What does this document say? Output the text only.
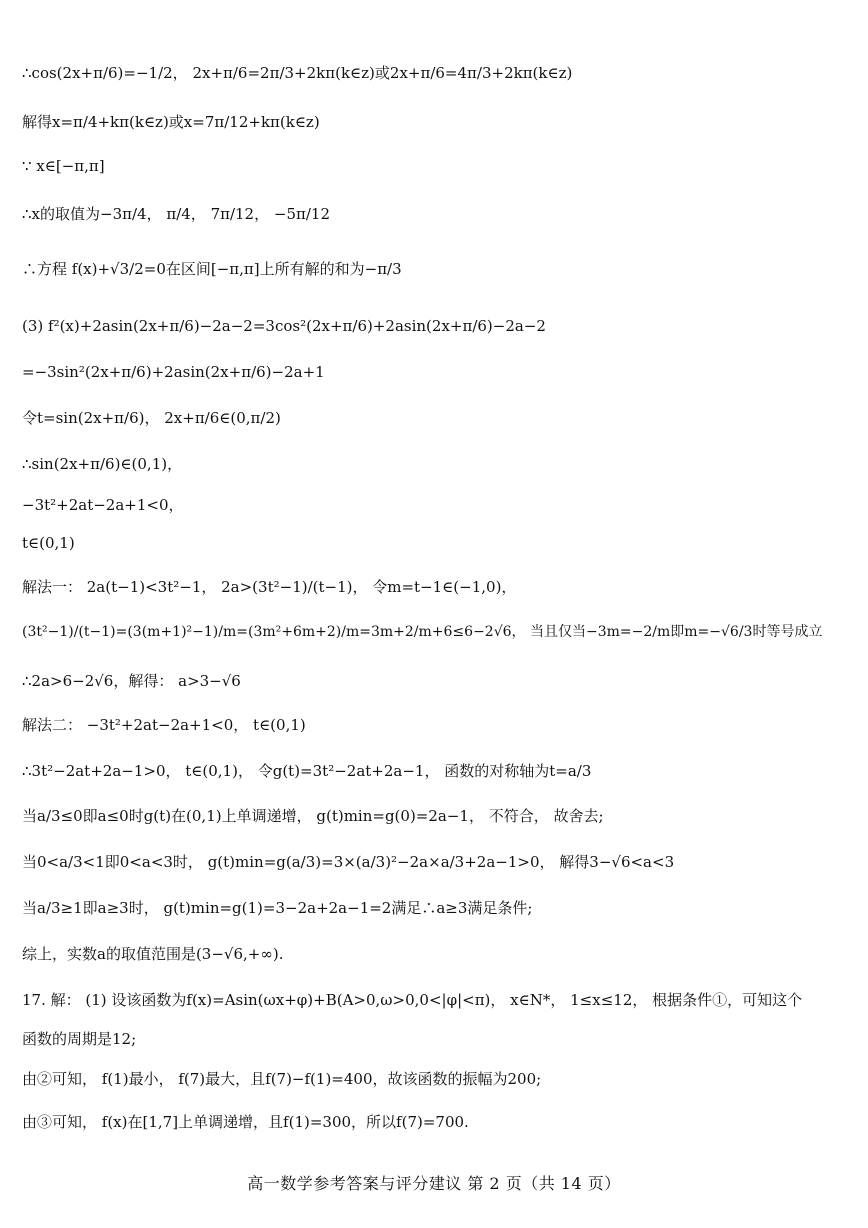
∴cos(2x+π/6)=−1/2， 2x+π/6=2π/3+2kπ(k∈z)或2x+π/6=4π/3+2kπ(k∈z)
解得x=π/4+kπ(k∈z)或x=7π/12+kπ(k∈z)
∵ x∈[−π,π]
∴x的取值为−3π/4， π/4， 7π/12， −5π/12
∴方程 f(x)+√3/2=0在区间[−π,π]上所有解的和为−π/3
(3) f²(x)+2asin(2x+π/6)−2a−2=3cos²(2x+π/6)+2asin(2x+π/6)−2a−2
=−3sin²(2x+π/6)+2asin(2x+π/6)−2a+1
令t=sin(2x+π/6)， 2x+π/6∈(0,π/2)
∴sin(2x+π/6)∈(0,1)，
−3t²+2at−2a+1<0，
t∈(0,1)
解法一： 2a(t−1)<3t²−1， 2a>(3t²−1)/(t−1)， 令m=t−1∈(−1,0)，
(3t²−1)/(t−1)=(3(m+1)²−1)/m=(3m²+6m+2)/m=3m+2/m+6≤6−2√6， 当且仅当−3m=−2/m即m=−√6/3时等号成立
∴2a>6−2√6，解得： a>3−√6
解法二： −3t²+2at−2a+1<0， t∈(0,1)
∴3t²−2at+2a−1>0， t∈(0,1)， 令g(t)=3t²−2at+2a−1， 函数的对称轴为t=a/3
当a/3≤0即a≤0时g(t)在(0,1)上单调递增， g(t)min=g(0)=2a−1， 不符合， 故舍去;
当0<a/3<1即0<a<3时， g(t)min=g(a/3)=3×(a/3)²−2a×a/3+2a−1>0， 解得3−√6<a<3
当a/3≥1即a≥3时， g(t)min=g(1)=3−2a+2a−1=2满足∴a≥3满足条件;
综上，实数a的取值范围是(3−√6,+∞).
17. 解： (1) 设该函数为f(x)=Asin(ωx+φ)+B(A>0,ω>0,0<|φ|<π)， x∈N*， 1≤x≤12， 根据条件①，可知这个
函数的周期是12;
由②可知， f(1)最小， f(7)最大，且f(7)−f(1)=400，故该函数的振幅为200;
由③可知， f(x)在[1,7]上单调递增，且f(1)=300，所以f(7)=700.
高一数学参考答案与评分建议 第 2 页（共 14 页）
